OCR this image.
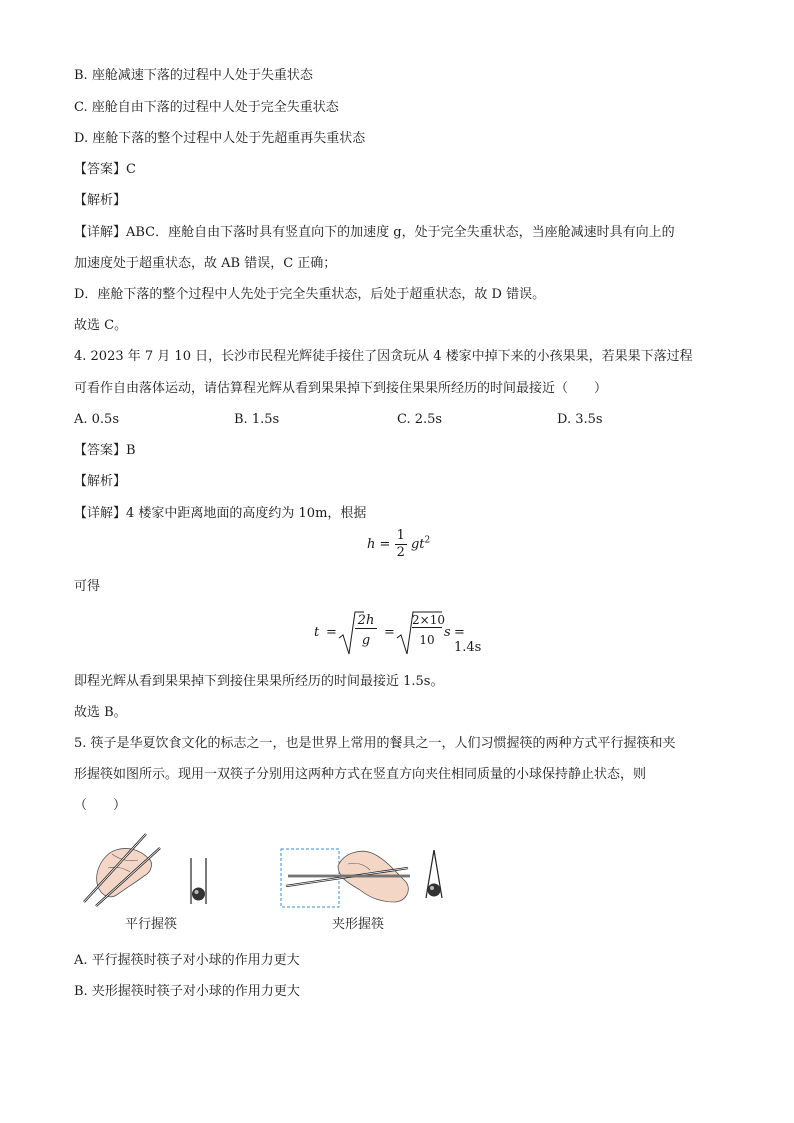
B. 座舱减速下落的过程中人处于失重状态
C. 座舱自由下落的过程中人处于完全失重状态
D. 座舱下落的整个过程中人处于先超重再失重状态
【答案】C
【解析】
【详解】ABC．座舱自由下落时具有竖直向下的加速度 g，处于完全失重状态，当座舱减速时具有向上的
加速度处于超重状态，故 AB 错误，C 正确；
D．座舱下落的整个过程中人先处于完全失重状态，后处于超重状态，故 D 错误。
故选 C。
4. 2023 年 7 月 10 日，长沙市民程光辉徒手接住了因贪玩从 4 楼家中掉下来的小孩果果，若果果下落过程
可看作自由落体运动，请估算程光辉从看到果果掉下到接住果果所经历的时间最接近（　　）
A. 0.5s	B. 1.5s	C. 2.5s	D. 3.5s
【答案】B
【解析】
【详解】4 楼家中距离地面的高度约为 10m，根据
$h = \frac{1}{2} gt^2$
可得
t =
2h
g
=
2×10
10 s = 1.4s
即程光辉从看到果果掉下到接住果果所经历的时间最接近 1.5s。
故选 B。
5. 筷子是华夏饮食文化的标志之一，也是世界上常用的餐具之一，人们习惯握筷的两种方式平行握筷和夹
形握筷如图所示。现用一双筷子分别用这两种方式在竖直方向夹住相同质量的小球保持静止状态，则
（　　）
平行握筷	夹形握筷
A. 平行握筷时筷子对小球的作用力更大
B. 夹形握筷时筷子对小球的作用力更大
